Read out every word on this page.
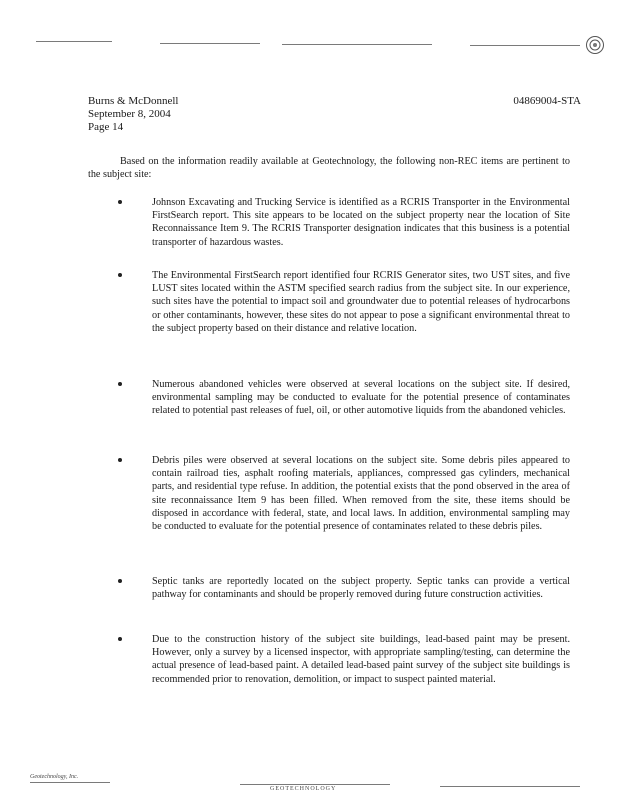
Burns & McDonnell
September 8, 2004
Page 14
04869004-STA
Based on the information readily available at Geotechnology, the following non-REC items are pertinent to the subject site:
Johnson Excavating and Trucking Service is identified as a RCRIS Transporter in the Environmental FirstSearch report. This site appears to be located on the subject property near the location of Site Reconnaissance Item 9. The RCRIS Transporter designation indicates that this business is a potential transporter of hazardous wastes.
The Environmental FirstSearch report identified four RCRIS Generator sites, two UST sites, and five LUST sites located within the ASTM specified search radius from the subject site. In our experience, such sites have the potential to impact soil and groundwater due to potential releases of hydrocarbons or other contaminants, however, these sites do not appear to pose a significant environmental threat to the subject property based on their distance and relative location.
Numerous abandoned vehicles were observed at several locations on the subject site. If desired, environmental sampling may be conducted to evaluate for the potential presence of contaminates related to potential past releases of fuel, oil, or other automotive liquids from the abandoned vehicles.
Debris piles were observed at several locations on the subject site. Some debris piles appeared to contain railroad ties, asphalt roofing materials, appliances, compressed gas cylinders, mechanical parts, and residential type refuse. In addition, the potential exists that the pond observed in the area of site reconnaissance Item 9 has been filled. When removed from the site, these items should be disposed in accordance with federal, state, and local laws. In addition, environmental sampling may be conducted to evaluate for the potential presence of contaminates related to these debris piles.
Septic tanks are reportedly located on the subject property. Septic tanks can provide a vertical pathway for contaminants and should be properly removed during future construction activities.
Due to the construction history of the subject site buildings, lead-based paint may be present. However, only a survey by a licensed inspector, with appropriate sampling/testing, can determine the actual presence of lead-based paint. A detailed lead-based paint survey of the subject site buildings is recommended prior to renovation, demolition, or impact to suspect painted material.
Geotechnology, Inc.
GEOTECHNOLOGY
